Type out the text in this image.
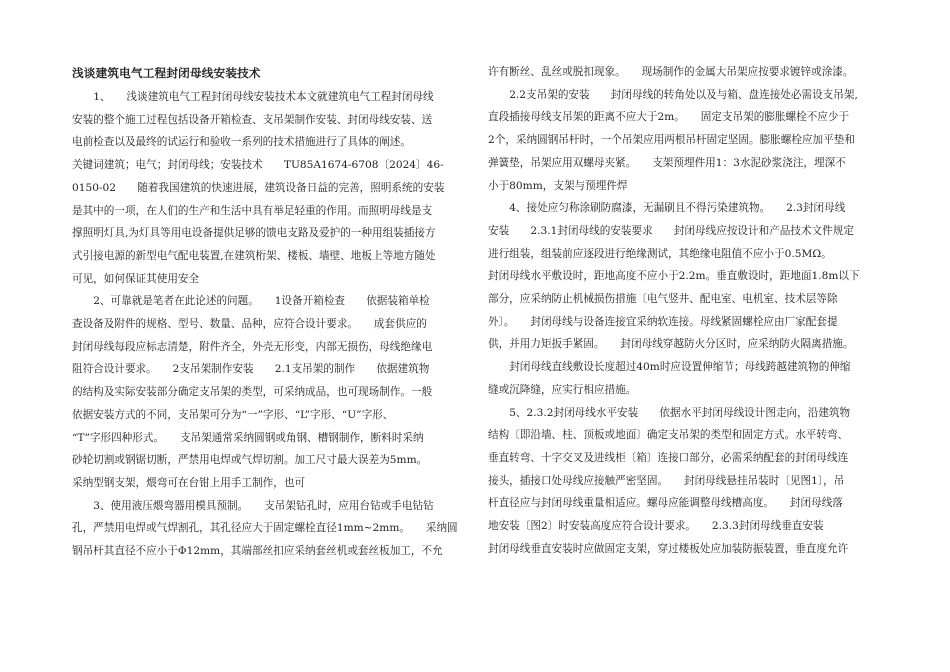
浅谈建筑电气工程封闭母线安装技术

1、　　浅谈建筑电气工程封闭母线安装技术本文就建筑电气工程封闭母线

安装的整个施工过程包括设备开箱检查、支吊架制作安装、封闭母线安装、送

电前检查以及最终的试运行和验收一系列的技术措施进行了具体的阐述。

关键词建筑；电气；封闭母线；安装技术　　TU85A1674-6708〔2024〕46-

0150-02　　随着我国建筑的快速进展，建筑设备日益的完善，照明系统的安装

是其中的一项，在人们的生产和生活中具有举足轻重的作用。而照明母线是支

撑照明灯具,为灯具等用电设备提供足够的馈电支路及爱护的一种用组装插接方

式引接电源的新型电气配电装置,在建筑桁架、楼板、墙壁、地板上等地方随处

可见，如何保证其使用安全

2、可靠就是笔者在此论述的问题。　　1设备开箱检查　　依据装箱单检

查设备及附件的规格、型号、数量、品种，应符合设计要求。　　成套供应的

封闭母线每段应标志清楚，附件齐全，外壳无形变，内部无损伤，母线绝缘电

阻符合设计要求。　　2支吊架制作安装　　2.1支吊架的制作　　依据建筑物

的结构及实际安装部分确定支吊架的类型，可采纳成品，也可现场制作。一般

依据安装方式的不同，支吊架可分为“一”字形、“L”字形、“U”字形、

“T”字形四种形式。　　支吊架通常采纳圆钢或角钢、槽钢制作，断料时采纳

砂轮切割或钢锯切断，严禁用电焊或气焊切割。加工尺寸最大误差为5mm。

采纳型钢支架，煨弯可在台钳上用手工制作，也可

3、使用液压煨弯器用模具预制。　　支吊架钻孔时，应用台钻或手电钻钻

孔，严禁用电焊或气焊割孔，其孔径应大于固定螺栓直径1mm~2mm。　　采纳圆

钢吊杆其直径不应小于Φ12mm，其端部丝扣应采纳套丝机或套丝板加工，不允

许有断丝、乱丝或脱扣现象。　　现场制作的金属大吊架应按要求镀锌或涂漆。

2.2支吊架的安装　　封闭母线的转角处以及与箱、盘连接处必需设支吊架,

直段插接母线支吊架的距离不应大于2m。　　固定支吊架的膨胀螺栓不应少于

2个，采纳圆钢吊杆时，一个吊架应用两根吊杆固定坚固。膨胀螺栓应加平垫和

弹簧垫，吊架应用双螺母夹紧。　　支架预埋件用1：3水泥砂浆浇注，埋深不

小于80mm，支架与预埋件焊

4、接处应匀称涂刷防腐漆，无漏刷且不得污染建筑物。　　2.3封闭母线

安装　　2.3.1封闭母线的安装要求　　封闭母线应按设计和产品技术文件规定

进行组装，组装前应逐段进行绝缘测试，其绝缘电阻值不应小于0.5MΩ。

封闭母线水平敷设时，距地高度不应小于2.2m。垂直敷设时，距地面1.8m以下

部分，应采纳防止机械损伤措施〔电气竖井、配电室、电机室、技术层等除

外〕。　　封闭母线与设备连接宜采纳软连接。母线紧固螺栓应由厂家配套提

供，并用力矩扳手紧固。　　封闭母线穿越防火分区时，应采纳防火隔离措施。

封闭母线直线敷设长度超过40m时应设置伸缩节；母线跨越建筑物的伸缩

缝或沉降缝，应实行相应措施。

5、2.3.2封闭母线水平安装　　依据水平封闭母线设计图走向，沿建筑物

结构〔即沿墙、柱、顶板或地面〕确定支吊架的类型和固定方式。水平转弯、

垂直转弯、十字交叉及进线柜〔箱〕连接口部分，必需采纳配套的封闭母线连

接头，插接口处母线应接触严密坚固。　　封闭母线悬挂吊装时〔见图1〕，吊

杆直径应与封闭母线重量相适应。螺母应能调整母线槽高度。　　封闭母线落

地安装〔图2〕时安装高度应符合设计要求。　　2.3.3封闭母线垂直安装

封闭母线垂直安装时应做固定支架，穿过楼板处应加装防振装置，垂直度允许
